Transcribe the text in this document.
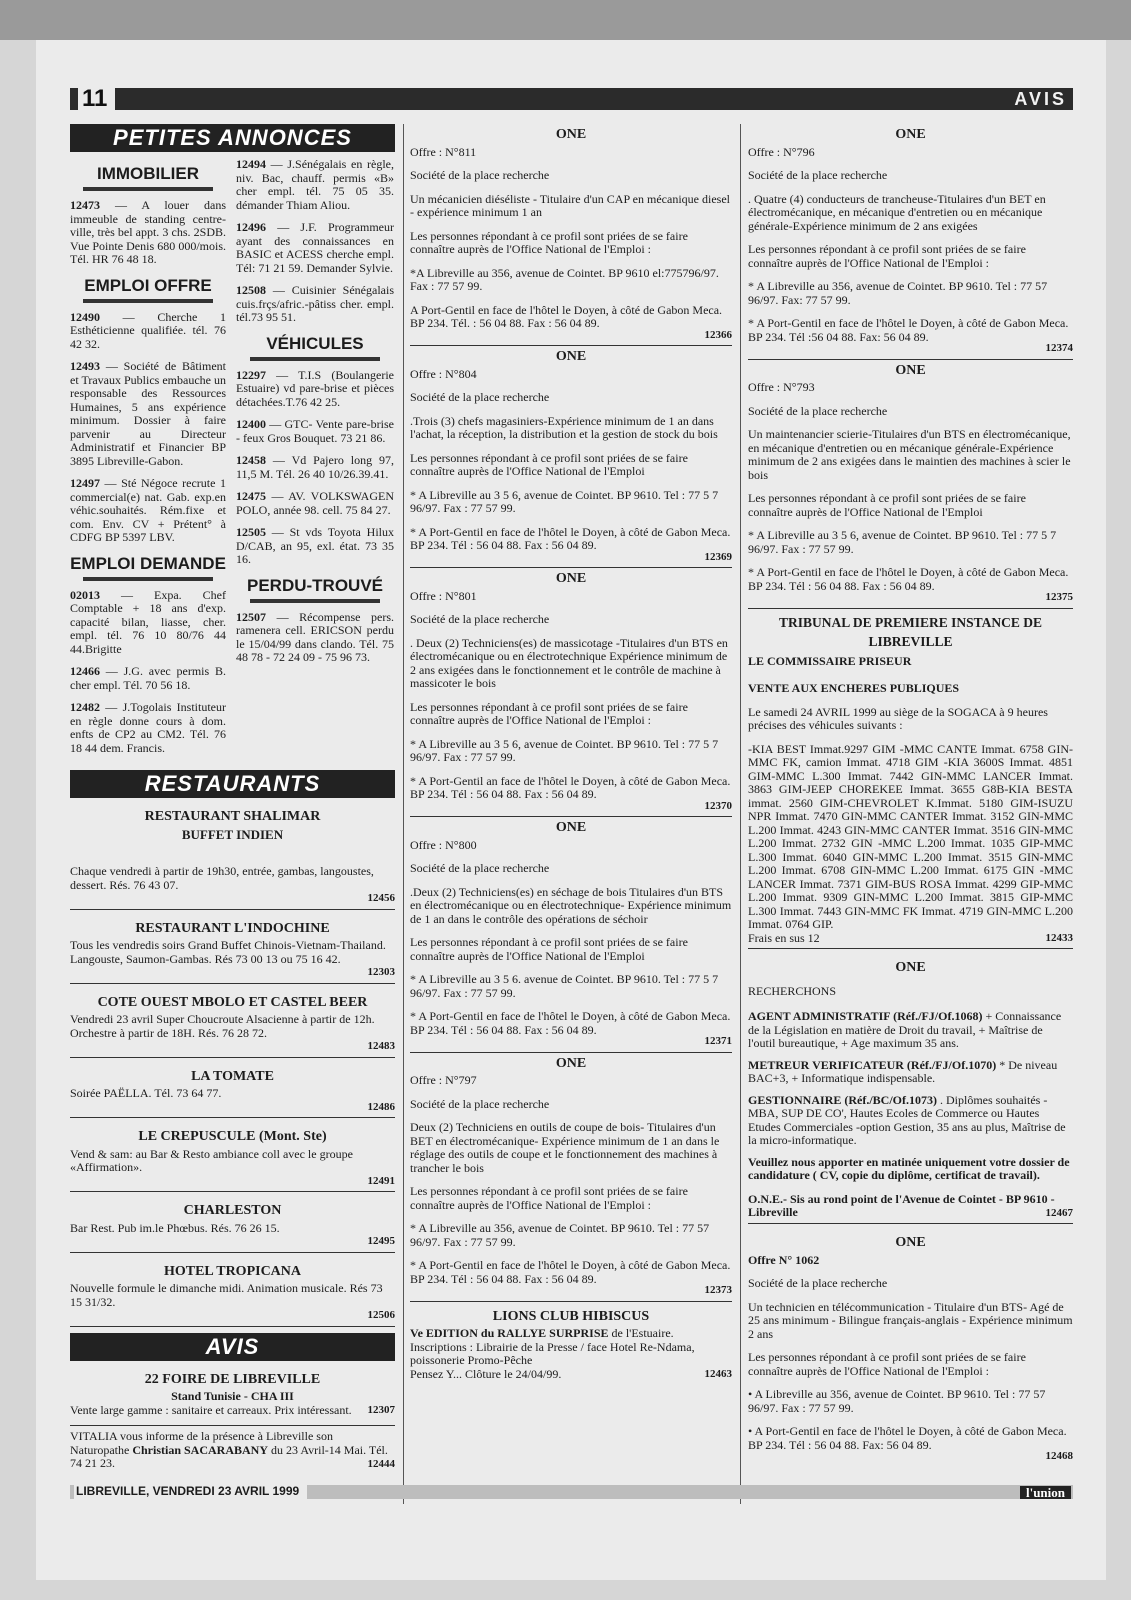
11	AVIS
PETITES ANNONCES
IMMOBILIER
12473 — A louer dans immeuble de standing centre-ville, très bel appt. 3 chs. 2SDB. Vue Pointe Denis 680 000/mois. Tél. HR 76 48 18.
EMPLOI OFFRE
12490 — Cherche 1 Esthéticienne qualifiée. tél. 76 42 32.
12493 — Société de Bâtiment et Travaux Publics embauche un responsable des Ressources Humaines, 5 ans expérience minimum. Dossier à faire parvenir au Directeur Administratif et Financier BP 3895 Libreville-Gabon.
12497 — Sté Négoce recrute 1 commercial(e) nat. Gab. exp.en véhic.souhaités. Rém.fixe et com. Env. CV + Prétent° à CDFG BP 5397 LBV.
EMPLOI DEMANDE
02013 — Expa. Chef Comptable + 18 ans d'exp. capacité bilan, liasse, cher. empl. tél. 76 10 80/76 44 44.Brigitte
12466 — J.G. avec permis B. cher empl. Tél. 70 56 18.
12482 — J.Togolais Instituteur en règle donne cours à dom. enfts de CP2 au CM2. Tél. 76 18 44 dem. Francis.
12494 — J.Sénégalais en règle, niv. Bac, chauff. permis «B» cher empl. tél. 75 05 35. démander Thiam Aliou.
12496 — J.F. Programmeur ayant des connaissances en BASIC et ACESS cherche empl. Tél: 71 21 59. Demander Sylvie.
12508 — Cuisinier Sénégalais cuis.frçs/afric.-pâtiss cher. empl. tél.73 95 51.
VÉHICULES
12297 — T.I.S (Boulangerie Estuaire) vd pare-brise et pièces détachées.T.76 42 25.
12400 — GTC- Vente pare-brise - feux Gros Bouquet. 73 21 86.
12458 — Vd Pajero long 97, 11,5 M. Tél. 26 40 10/26.39.41.
12475 — AV. VOLKSWAGEN POLO, année 98. cell. 75 84 27.
12505 — St vds Toyota Hilux D/CAB, an 95, exl. état. 73 35 16.
PERDU-TROUVÉ
12507 — Récompense pers. ramenera cell. ERICSON perdu le 15/04/99 dans clando. Tél. 75 48 78 - 72 24 09 - 75 96 73.
RESTAURANTS
RESTAURANT SHALIMAR
BUFFET INDIEN
Chaque vendredi à partir de 19h30, entrée, gambas, langoustes, dessert. Rés. 76 43 07.
12456
RESTAURANT L'INDOCHINE
Tous les vendredis soirs Grand Buffet Chinois-Vietnam-Thailand. Langouste, Saumon-Gambas. Rés 73 00 13 ou 75 16 42.
12303
COTE OUEST MBOLO ET CASTEL BEER
Vendredi 23 avril Super Choucroute Alsacienne à partir de 12h. Orchestre à partir de 18H. Rés. 76 28 72.
12483
LA TOMATE
Soirée PAËLLA. Tél. 73 64 77.
12486
LE CREPUSCULE (Mont. Ste)
Vend & sam: au Bar & Resto ambiance coll avec le groupe «Affirmation».
12491
CHARLESTON
Bar Rest. Pub im.le Phœbus. Rés. 76 26 15.
12495
HOTEL TROPICANA
Nouvelle formule le dimanche midi. Animation musicale. Rés 73 15 31/32.
12506
AVIS
22 FOIRE DE LIBREVILLE
Stand Tunisie - CHA III
Vente large gamme : sanitaire et carreaux. Prix intéressant. 12307
VITALIA vous informe de la présence à Libreville son Naturopathe Christian SACARABANY du 23 Avril-14 Mai. Tél. 74 21 23.	12444
ONE

Offre : N°811

Société de la place recherche

Un mécanicien diéséliste - Titulaire d'un CAP en mécanique diesel - expérience minimum 1 an

Les personnes répondant à ce profil sont priées de se faire connaître auprès de l'Office National de l'Emploi :

*A Libreville au 356, avenue de Cointet. BP 9610 el:775796/97. Fax : 77 57 99.

A Port-Gentil en face de l'hôtel le Doyen, à côté de Gabon Meca. BP 234. Tél. : 56 04 88. Fax : 56 04 89.

12366
ONE

Offre : N°804

Société de la place recherche

.Trois (3) chefs magasiniers-Expérience minimum de 1 an dans l'achat, la réception, la distribution et la gestion de stock du bois

Les personnes répondant à ce profil sont priées de se faire connaître auprès de l'Office National de l'Emploi

* A Libreville au 3 5 6, avenue de Cointet. BP 9610. Tel : 77 5 7 96/97. Fax : 77 57 99.

* A Port-Gentil en face de l'hôtel le Doyen, à côté de Gabon Meca. BP 234. Tél : 56 04 88. Fax : 56 04 89.

12369
ONE

Offre : N°801

Société de la place recherche

. Deux (2) Techniciens(es) de massicotage -Titulaires d'un BTS en électromécanique ou en électrotechnique Expérience minimum de 2 ans exigées dans le fonctionnement et le contrôle de machine à massicoter le bois

Les personnes répondant à ce profil sont priées de se faire connaître auprès de l'Office National de l'Emploi :

* A Libreville au 3 5 6, avenue de Cointet. BP 9610. Tel : 77 5 7 96/97. Fax : 77 57 99.

* A Port-Gentil an face de l'hôtel le Doyen, à côté de Gabon Meca. BP 234. Tél : 56 04 88. Fax : 56 04 89.

12370
ONE

Offre : N°800

Société de la place recherche

.Deux (2) Techniciens(es) en séchage de bois Titulaires d'un BTS en électromécanique ou en électrotechnique- Expérience minimum de 1 an dans le contrôle des opérations de séchoir

Les personnes répondant à ce profil sont priées de se faire connaître auprès de l'Office National de l'Emploi

* A Libreville au 3 5 6. avenue de Cointet. BP 9610. Tel : 77 5 7 96/97. Fax : 77 57 99.

* A Port-Gentil en face de l'hôtel le Doyen, à côté de Gabon Meca. BP 234. Tél : 56 04 88. Fax : 56 04 89.

12371
ONE

Offre : N°797

Société de la place recherche

Deux (2) Techniciens en outils de coupe de bois- Titulaires d'un BET en électromécanique- Expérience minimum de 1 an dans le réglage des outils de coupe et le fonctionnement des machines à trancher le bois

Les personnes répondant à ce profil sont priées de se faire connaître auprès de l'Office National de l'Emploi :

* A Libreville au 356, avenue de Cointet. BP 9610. Tel : 77 57 96/97. Fax : 77 57 99.

* A Port-Gentil en face de l'hôtel le Doyen, à côté de Gabon Meca. BP 234. Tél : 56 04 88. Fax : 56 04 89.

12373
LIONS CLUB HIBISCUS
Ve EDITION du RALLYE SURPRISE de l'Estuaire.
Inscriptions : Librairie de la Presse / face Hotel Re-Ndama, poissonerie Promo-Pêche
Pensez Y... Clôture le 24/04/99.	12463
ONE

Offre : N°796

Société de la place recherche

. Quatre (4) conducteurs de trancheuse-Titulaires d'un BET en électromécanique, en mécanique d'entretien ou en mécanique générale-Expérience minimum de 2 ans exigées

Les personnes répondant à ce profil sont priées de se faire connaître auprès de l'Office National de l'Emploi :

* A Libreville au 356, avenue de Cointet. BP 9610. Tel : 77 57 96/97. Fax: 77 57 99.

* A Port-Gentil en face de l'hôtel le Doyen, à côté de Gabon Meca. BP 234. Tél :56 04 88. Fax: 56 04 89.

12374
ONE

Offre : N°793

Société de la place recherche

Un maintenancier scierie-Titulaires d'un BTS en électromécanique, en mécanique d'entretien ou en mécanique générale-Expérience minimum de 2 ans exigées dans le maintien des machines à scier le bois

Les personnes répondant à ce profil sont priées de se faire connaître auprès de l'Office National de l'Emploi

* A Libreville au 3 5 6, avenue de Cointet. BP 9610. Tel : 77 5 7 96/97. Fax : 77 57 99.

* A Port-Gentil en face de l'hôtel le Doyen, à côté de Gabon Meca. BP 234. Tél : 56 04 88. Fax : 56 04 89.

12375
TRIBUNAL DE PREMIERE INSTANCE DE LIBREVILLE
LE COMMISSAIRE PRISEUR
VENTE AUX ENCHERES PUBLIQUES
Le samedi 24 AVRIL 1999 au siège de la SOGACA à 9 heures précises des véhicules suivants :
-KIA BEST Immat.9297 GIM -MMC CANTE Immat. 6758 GIN-MMC FK, camion Immat. 4718 GIM -KIA 3600S Immat. 4851 GIM-MMC L.300 Immat. 7442 GIN-MMC LANCER Immat. 3863 GIM-JEEP CHOREKEE Immat. 3655 G8B-KIA BESTA immat. 2560 GIM-CHEVROLET K.Immat. 5180 GIM-ISUZU NPR Immat. 7470 GIN-MMC CANTER Immat. 3152 GIN-MMC L.200 Immat. 4243 GIN-MMC CANTER Immat. 3516 GIN-MMC L.200 Immat. 2732 GIN -MMC L.200 Immat. 1035 GIP-MMC L.300 Immat. 6040 GIN-MMC L.200 Immat. 3515 GIN-MMC L.200 Immat. 6708 GIN-MMC L.200 Immat. 6175 GIN -MMC LANCER Immat. 7371 GIM-BUS ROSA Immat. 4299 GIP-MMC L.200 Immat. 9309 GIN-MMC L.200 Immat. 3815 GIP-MMC L.300 Immat. 7443 GIN-MMC FK Immat. 4719 GIN-MMC L.200 Immat. 0764 GIP.
Frais en sus 12	12433
ONE
RECHERCHONS
AGENT ADMINISTRATIF (Réf./FJ/Of.1068) + Connaissance de la Législation en matière de Droit du travail, + Maîtrise de l'outil bureautique, + Age maximum 35 ans.
METREUR VERIFICATEUR (Réf./FJ/Of.1070) * De niveau BAC+3, + Informatique indispensable.
GESTIONNAIRE (Réf./BC/Of.1073) . Diplômes souhaités - MBA, SUP DE CO', Hautes Ecoles de Commerce ou Hautes Etudes Commerciales -option Gestion, 35 ans au plus, Maîtrise de la micro-informatique.
Veuillez nous apporter en matinée uniquement votre dossier de candidature ( CV, copie du diplôme, certificat de travail).
O.N.E.- Sis au rond point de l'Avenue de Cointet - BP 9610 - Libreville	12467
ONE

Offre N° 1062

Société de la place recherche

Un technicien en télécommunication - Titulaire d'un BTS- Agé de 25 ans minimum - Bilingue français-anglais - Expérience minimum 2 ans

Les personnes répondant à ce profil sont priées de se faire connaître auprès de l'Office National de l'Emploi :

• A Libreville au 356, avenue de Cointet. BP 9610. Tel : 77 57 96/97. Fax : 77 57 99.

• A Port-Gentil en face de l'hôtel le Doyen, à côté de Gabon Meca. BP 234. Tél : 56 04 88. Fax: 56 04 89.

12468
LIBREVILLE, VENDREDI 23 AVRIL 1999	l'union
